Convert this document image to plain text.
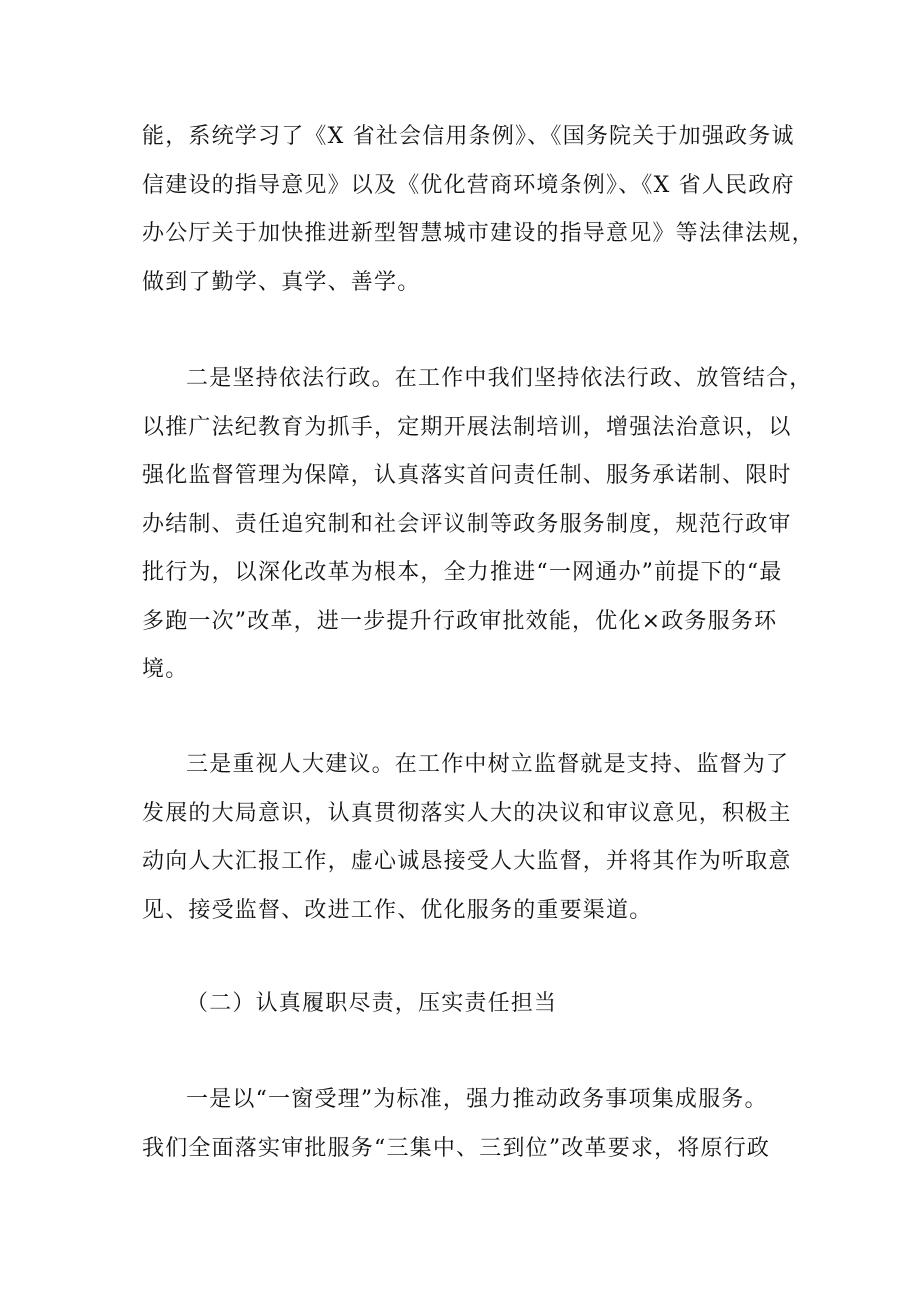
能，系统学习了《X 省社会信用条例》、《国务院关于加强政务诚
信建设的指导意见》以及《优化营商环境条例》、《X 省人民政府
办公厅关于加快推进新型智慧城市建设的指导意见》等法律法规，
做到了勤学、真学、善学。
二是坚持依法行政。在工作中我们坚持依法行政、放管结合，
以推广法纪教育为抓手，定期开展法制培训，增强法治意识，以
强化监督管理为保障，认真落实首问责任制、服务承诺制、限时
办结制、责任追究制和社会评议制等政务服务制度，规范行政审
批行为，以深化改革为根本，全力推进“一网通办”前提下的“最
多跑一次”改革，进一步提升行政审批效能，优化×政务服务环
境。
三是重视人大建议。在工作中树立监督就是支持、监督为了
发展的大局意识，认真贯彻落实人大的决议和审议意见，积极主
动向人大汇报工作，虚心诚恳接受人大监督，并将其作为听取意
见、接受监督、改进工作、优化服务的重要渠道。
（二）认真履职尽责，压实责任担当
一是以“一窗受理”为标准，强力推动政务事项集成服务。
我们全面落实审批服务“三集中、三到位”改革要求，将原行政
